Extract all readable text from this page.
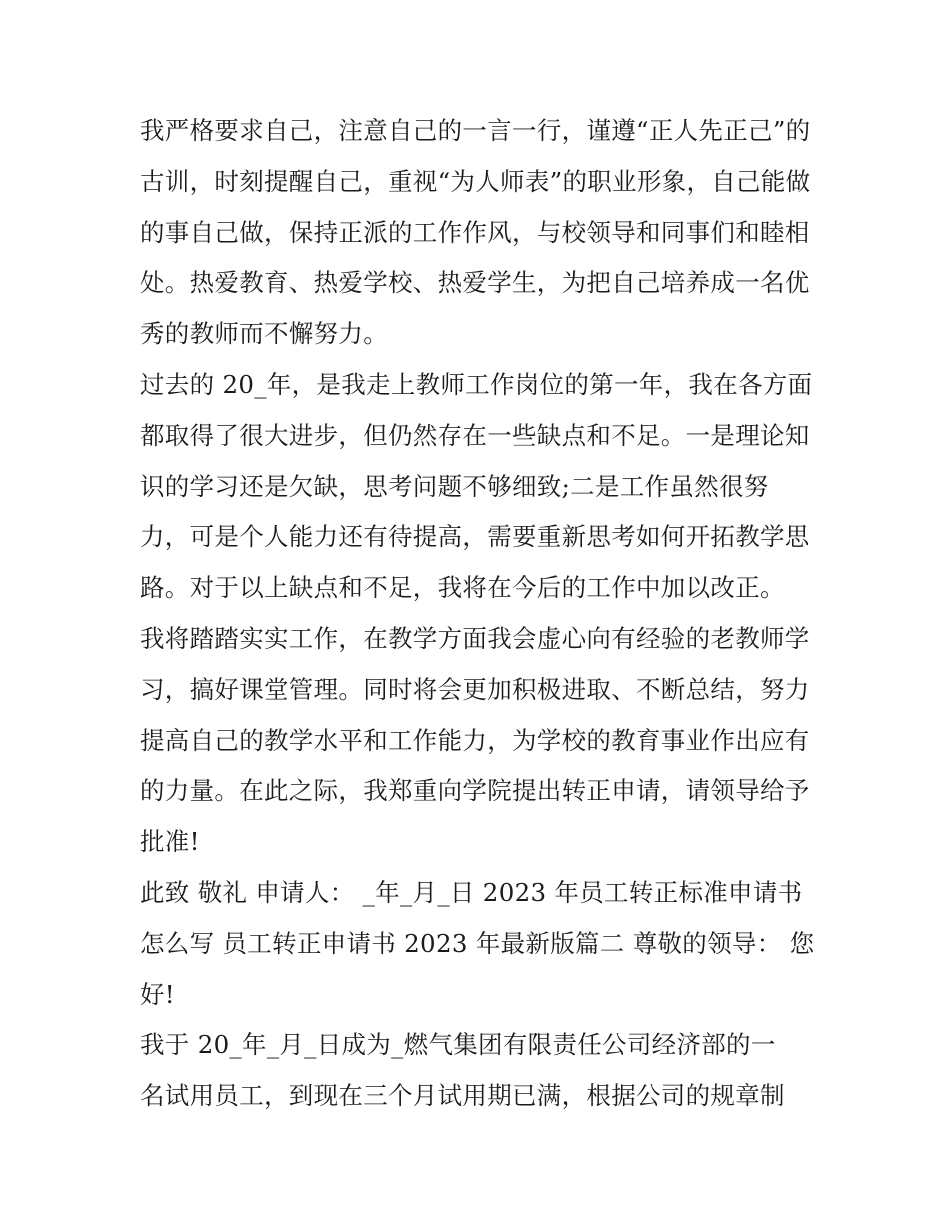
我严格要求自己，注意自己的一言一行，谨遵“正人先正己”的
古训，时刻提醒自己，重视“为人师表”的职业形象，自己能做
的事自己做，保持正派的工作作风，与校领导和同事们和睦相
处。热爱教育、热爱学校、热爱学生，为把自己培养成一名优
秀的教师而不懈努力。
过去的 20_年，是我走上教师工作岗位的第一年，我在各方面
都取得了很大进步，但仍然存在一些缺点和不足。一是理论知
识的学习还是欠缺，思考问题不够细致;二是工作虽然很努
力，可是个人能力还有待提高，需要重新思考如何开拓教学思
路。对于以上缺点和不足，我将在今后的工作中加以改正。
我将踏踏实实工作，在教学方面我会虚心向有经验的老教师学
习，搞好课堂管理。同时将会更加积极进取、不断总结，努力
提高自己的教学水平和工作能力，为学校的教育事业作出应有
的力量。在此之际，我郑重向学院提出转正申请，请领导给予
批准!
此致 敬礼 申请人： _年_月_日 2023 年员工转正标准申请书
怎么写 员工转正申请书 2023 年最新版篇二 尊敬的领导： 您
好!
我于 20_年_月_日成为_燃气集团有限责任公司经济部的一
名试用员工，到现在三个月试用期已满，根据公司的规章制
